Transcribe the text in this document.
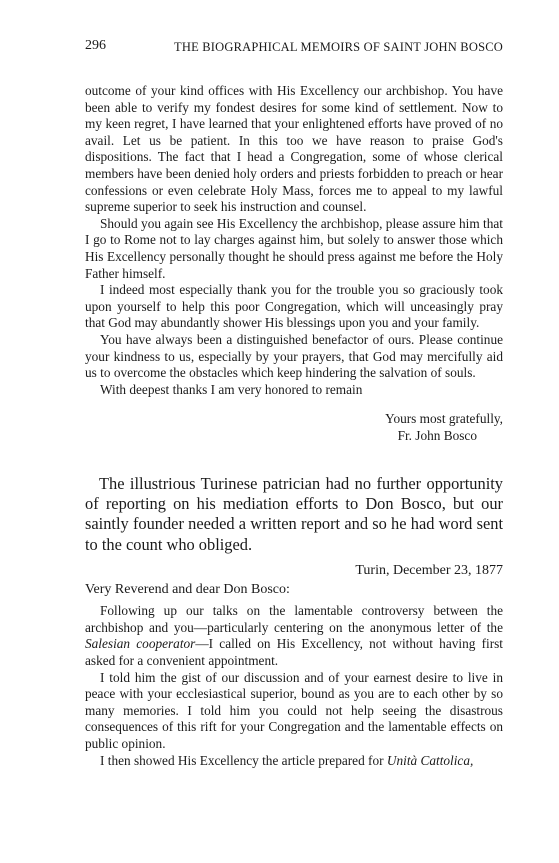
296	THE BIOGRAPHICAL MEMOIRS OF SAINT JOHN BOSCO

outcome of your kind offices with His Excellency our archbishop. You have been able to verify my fondest desires for some kind of settlement. Now to my keen regret, I have learned that your enlightened efforts have proved of no avail. Let us be patient. In this too we have reason to praise God's dispositions. The fact that I head a Congregation, some of whose clerical members have been denied holy orders and priests forbidden to preach or hear confessions or even celebrate Holy Mass, forces me to appeal to my lawful supreme superior to seek his instruction and counsel.

Should you again see His Excellency the archbishop, please assure him that I go to Rome not to lay charges against him, but solely to answer those which His Excellency personally thought he should press against me before the Holy Father himself.

I indeed most especially thank you for the trouble you so graciously took upon yourself to help this poor Congregation, which will unceasingly pray that God may abundantly shower His blessings upon you and your family.

You have always been a distinguished benefactor of ours. Please continue your kindness to us, especially by your prayers, that God may mercifully aid us to overcome the obstacles which keep hindering the salvation of souls.

With deepest thanks I am very honored to remain

Yours most gratefully,

Fr. John Bosco

The illustrious Turinese patrician had no further opportunity of reporting on his mediation efforts to Don Bosco, but our saintly founder needed a written report and so he had word sent to the count who obliged.

Turin, December 23, 1877

Very Reverend and dear Don Bosco:

Following up our talks on the lamentable controversy between the archbishop and you—particularly centering on the anonymous letter of the Salesian cooperator—I called on His Excellency, not without having first asked for a convenient appointment.

I told him the gist of our discussion and of your earnest desire to live in peace with your ecclesiastical superior, bound as you are to each other by so many memories. I told him you could not help seeing the disastrous consequences of this rift for your Congregation and the lamentable effects on public opinion.

I then showed His Excellency the article prepared for Unità Cattolica,
